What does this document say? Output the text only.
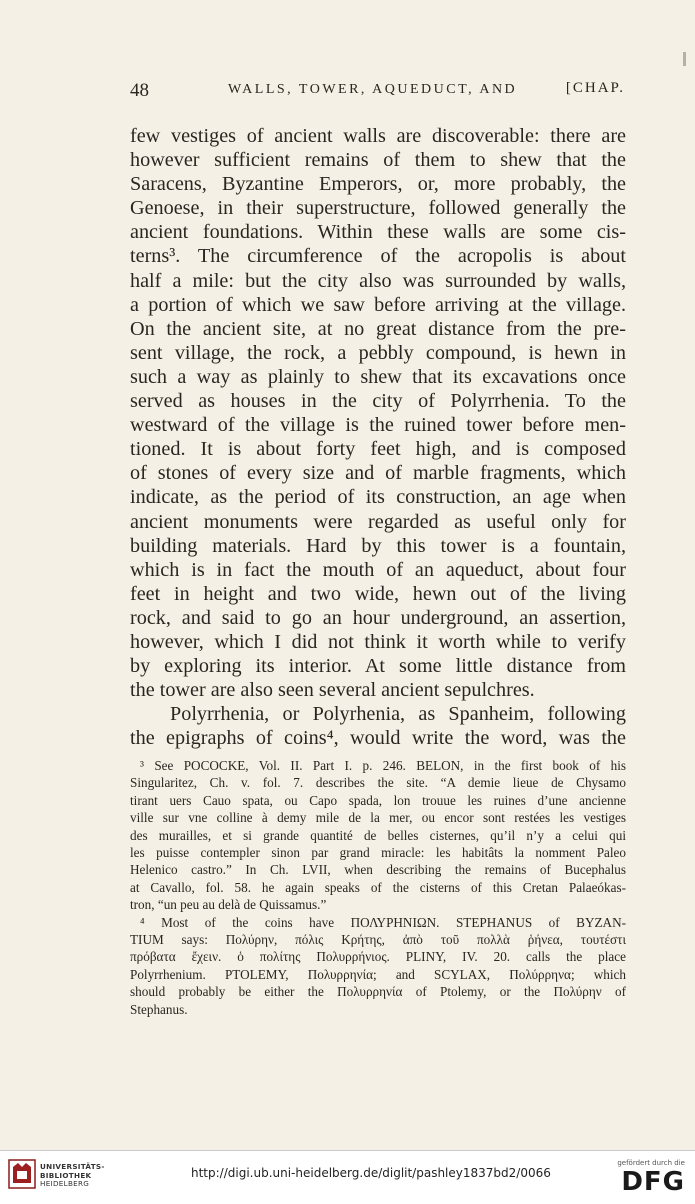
48	WALLS, TOWER, AQUEDUCT, AND	[CHAP.
few vestiges of ancient walls are discoverable: there are
however sufficient remains of them to shew that the
Saracens, Byzantine Emperors, or, more probably, the
Genoese, in their superstructure, followed generally the
ancient foundations. Within these walls are some cis-
terns³. The circumference of the acropolis is about
half a mile: but the city also was surrounded by walls,
a portion of which we saw before arriving at the village.
On the ancient site, at no great distance from the pre-
sent village, the rock, a pebbly compound, is hewn in
such a way as plainly to shew that its excavations once
served as houses in the city of Polyrrhenia. To the
westward of the village is the ruined tower before men-
tioned. It is about forty feet high, and is composed
of stones of every size and of marble fragments, which
indicate, as the period of its construction, an age when
ancient monuments were regarded as useful only for
building materials. Hard by this tower is a fountain,
which is in fact the mouth of an aqueduct, about four
feet in height and two wide, hewn out of the living
rock, and said to go an hour underground, an assertion,
however, which I did not think it worth while to verify
by exploring its interior. At some little distance from
the tower are also seen several ancient sepulchres.
Polyrrhenia, or Polyrhenia, as Spanheim, following
the epigraphs of coins⁴, would write the word, was the
³ See POCOCKE, Vol. II. Part I. p. 246. BELON, in the first book of his
Singularitez, Ch. v. fol. 7. describes the site. “A demie lieue de Chysamo
tirant uers Cauo spata, ou Capo spada, lon trouue les ruines d’une ancienne
ville sur vne colline à demy mile de la mer, ou encor sont restées les vestiges
des murailles, et si grande quantité de belles cisternes, qu’il n’y a celui qui
les puisse contempler sinon par grand miracle: les habitâts la nomment Paleo
Helenico castro.” In Ch. LVII, when describing the remains of Bucephalus
at Cavallo, fol. 58. he again speaks of the cisterns of this Cretan Palaeókas-
tron, “un peu au delà de Quissamus.”
⁴ Most of the coins have ΠΟΛΥΡΗΝΙΩΝ. STEPHANUS of BYZAN-
TIUM says: Πολύρην, πόλις Κρήτης, ἀπὸ τοῦ πολλὰ ῥήνεα, τουτέστι
πρόβατα ἔχειν. ὁ πολίτης Πολυρρήνιος. PLINY, IV. 20. calls the place
Polyrrhenium. PTOLEMY, Πολυρρηνία; and SCYLAX, Πολύρρηνα; which
should probably be either the Πολυρρηνία of Ptolemy, or the Πολύρην of
Stephanus.
UNIVERSITÄTS-
BIBLIOTHEK
HEIDELBERG
http://digi.ub.uni-heidelberg.de/diglit/pashley1837bd2/0066
gefördert durch die
DFG
